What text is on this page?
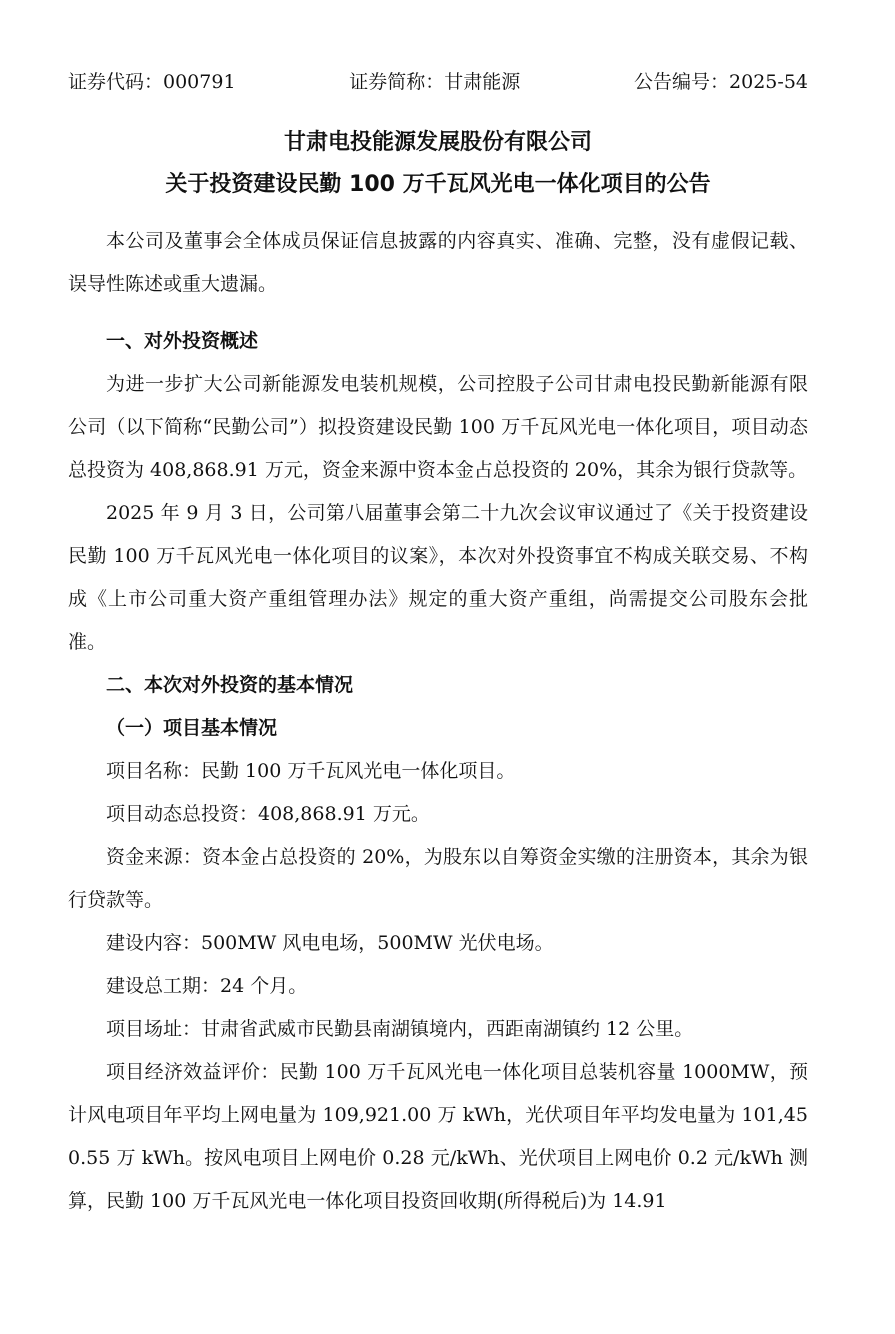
证券代码：000791	证券简称：甘肃能源	公告编号：2025-54
甘肃电投能源发展股份有限公司
关于投资建设民勤 100 万千瓦风光电一体化项目的公告

本公司及董事会全体成员保证信息披露的内容真实、准确、完整，没有虚假记载、误导性陈述或重大遗漏。

一、对外投资概述

为进一步扩大公司新能源发电装机规模，公司控股子公司甘肃电投民勤新能源有限公司（以下简称“民勤公司”）拟投资建设民勤 100 万千瓦风光电一体化项目，项目动态总投资为 408,868.91 万元，资金来源中资本金占总投资的 20%，其余为银行贷款等。

2025 年 9 月 3 日，公司第八届董事会第二十九次会议审议通过了《关于投资建设民勤 100 万千瓦风光电一体化项目的议案》，本次对外投资事宜不构成关联交易、不构成《上市公司重大资产重组管理办法》规定的重大资产重组，尚需提交公司股东会批准。

二、本次对外投资的基本情况
（一）项目基本情况

项目名称：民勤 100 万千瓦风光电一体化项目。

项目动态总投资：408,868.91 万元。

资金来源：资本金占总投资的 20%，为股东以自筹资金实缴的注册资本，其余为银行贷款等。

建设内容：500MW 风电电场，500MW 光伏电场。

建设总工期：24 个月。

项目场址：甘肃省武威市民勤县南湖镇境内，西距南湖镇约 12 公里。

项目经济效益评价：民勤 100 万千瓦风光电一体化项目总装机容量 1000MW，预计风电项目年平均上网电量为 109,921.00 万 kWh，光伏项目年平均发电量为 101,450.55 万 kWh。按风电项目上网电价 0.28 元/kWh、光伏项目上网电价 0.2 元/kWh 测算，民勤 100 万千瓦风光电一体化项目投资回收期(所得税后)为 14.91
